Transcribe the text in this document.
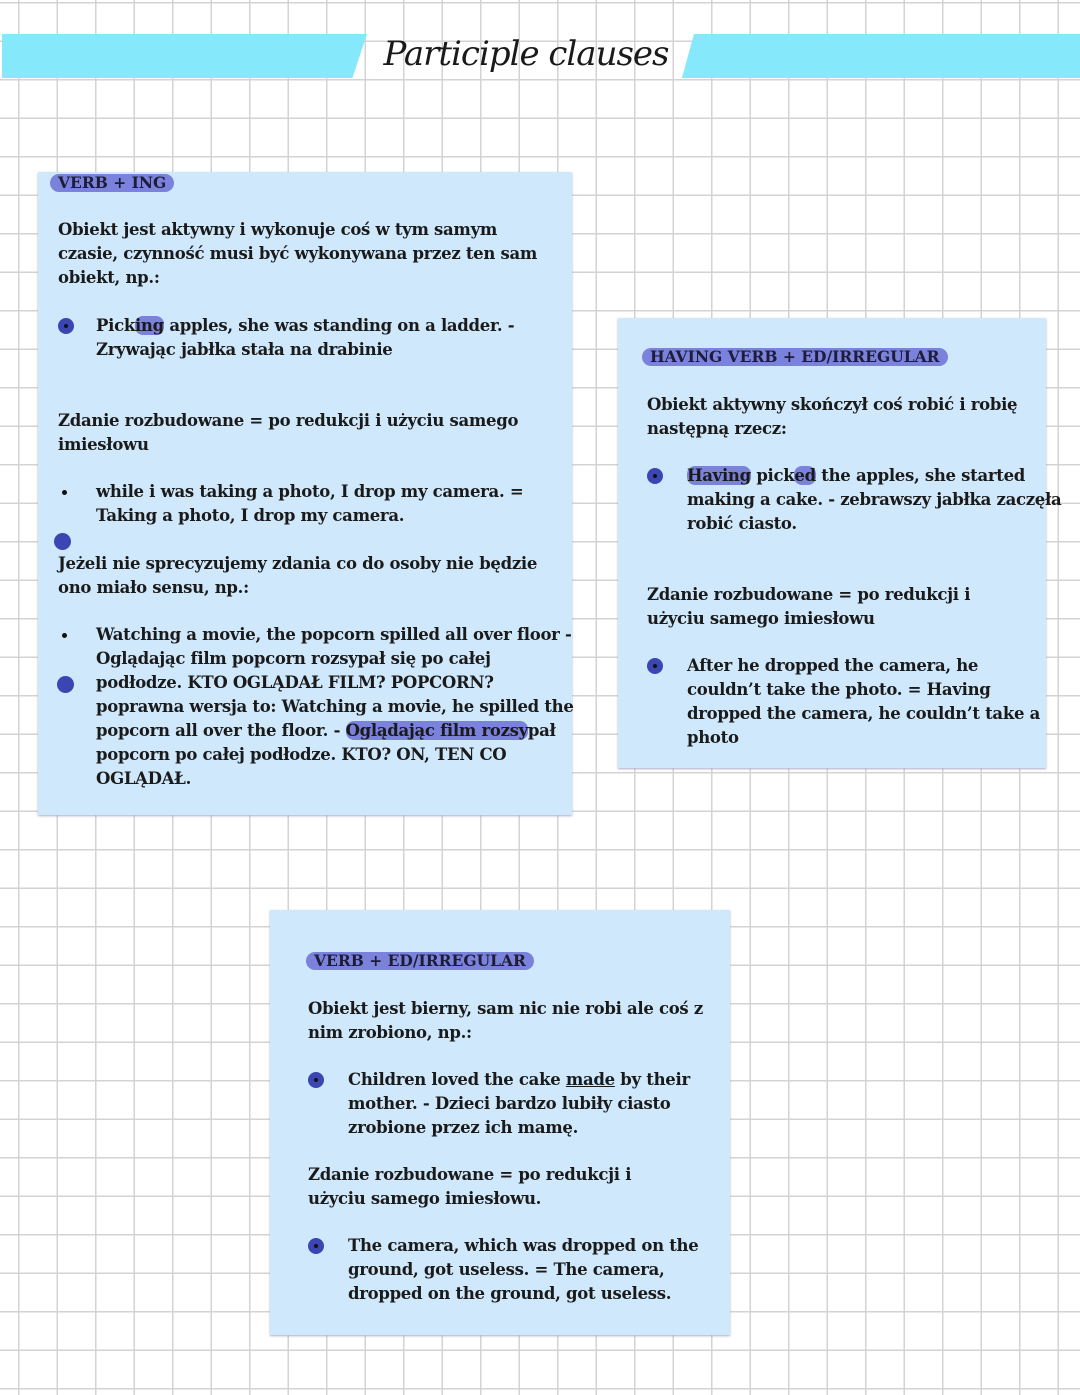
Participle clauses
VERB + ING

Obiekt jest aktywny i wykonuje coś w tym samym czasie, czynność musi być wykonywana przez ten sam obiekt, np.:

Picking apples, she was standing on a ladder. - Zrywając jabłka stała na drabinie

Zdanie rozbudowane = po redukcji i użyciu samego imiesłowu

while i was taking a photo, I drop my camera. = Taking a photo, I drop my camera.

Jeżeli nie sprecyzujemy zdania co do osoby nie będzie ono miało sensu, np.:

Watching a movie, the popcorn spilled all over floor - Oglądając film popcorn rozsypał się po całej podłodze. KTO OGLĄDAŁ FILM? POPCORN?
poprawna wersja to: Watching a movie, he spilled the popcorn all over the floor. - Oglądając film rozsypał popcorn po całej podłodze. KTO? ON, TEN CO OGLĄDAŁ.
HAVING VERB + ED/IRREGULAR

Obiekt aktywny skończył coś robić i robię następną rzecz:

Having picked the apples, she started making a cake. - zebrawszy jabłka zaczęła robić ciasto.

Zdanie rozbudowane = po redukcji i użyciu samego imiesłowu

After he dropped the camera, he couldn’t take the photo. = Having dropped the camera, he couldn’t take a photo
VERB + ED/IRREGULAR

Obiekt jest bierny, sam nic nie robi ale coś z nim zrobiono, np.:

Children loved the cake made by their mother. - Dzieci bardzo lubiły ciasto zrobione przez ich mamę.

Zdanie rozbudowane = po redukcji i użyciu samego imiesłowu.

The camera, which was dropped on the ground, got useless. = The camera, dropped on the ground, got useless.
